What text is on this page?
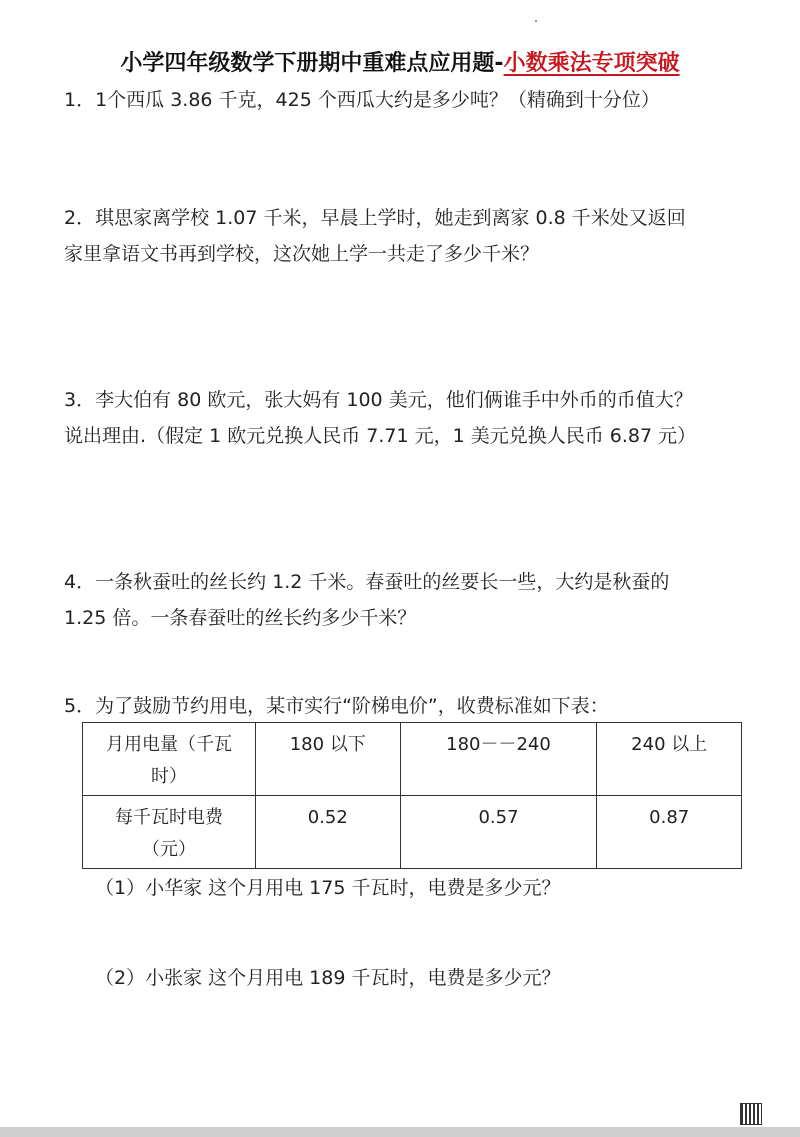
小学四年级数学下册期中重难点应用题-小数乘法专项突破
1．1个西瓜 3.86 千克，425 个西瓜大约是多少吨？（精确到十分位）
2．琪思家离学校 1.07 千米，早晨上学时，她走到离家 0.8 千米处又返回
家里拿语文书再到学校，这次她上学一共走了多少千米？
3．李大伯有 80 欧元，张大妈有 100 美元，他们俩谁手中外币的币值大？
说出理由.（假定 1 欧元兑换人民币 7.71 元，1 美元兑换人民币 6.87 元）
4．一条秋蚕吐的丝长约 1.2 千米。春蚕吐的丝要长一些，大约是秋蚕的
1.25 倍。一条春蚕吐的丝长约多少千米？
5．为了鼓励节约用电，某市实行“阶梯电价”，收费标准如下表：
月用电量（千瓦
时）	180 以下	180－－240	240 以上

每千瓦时电费
（元）	0.52	0.57	0.87
（1）小华家 这个月用电 175 千瓦时，电费是多少元？
（2）小张家 这个月用电 189 千瓦时，电费是多少元？
